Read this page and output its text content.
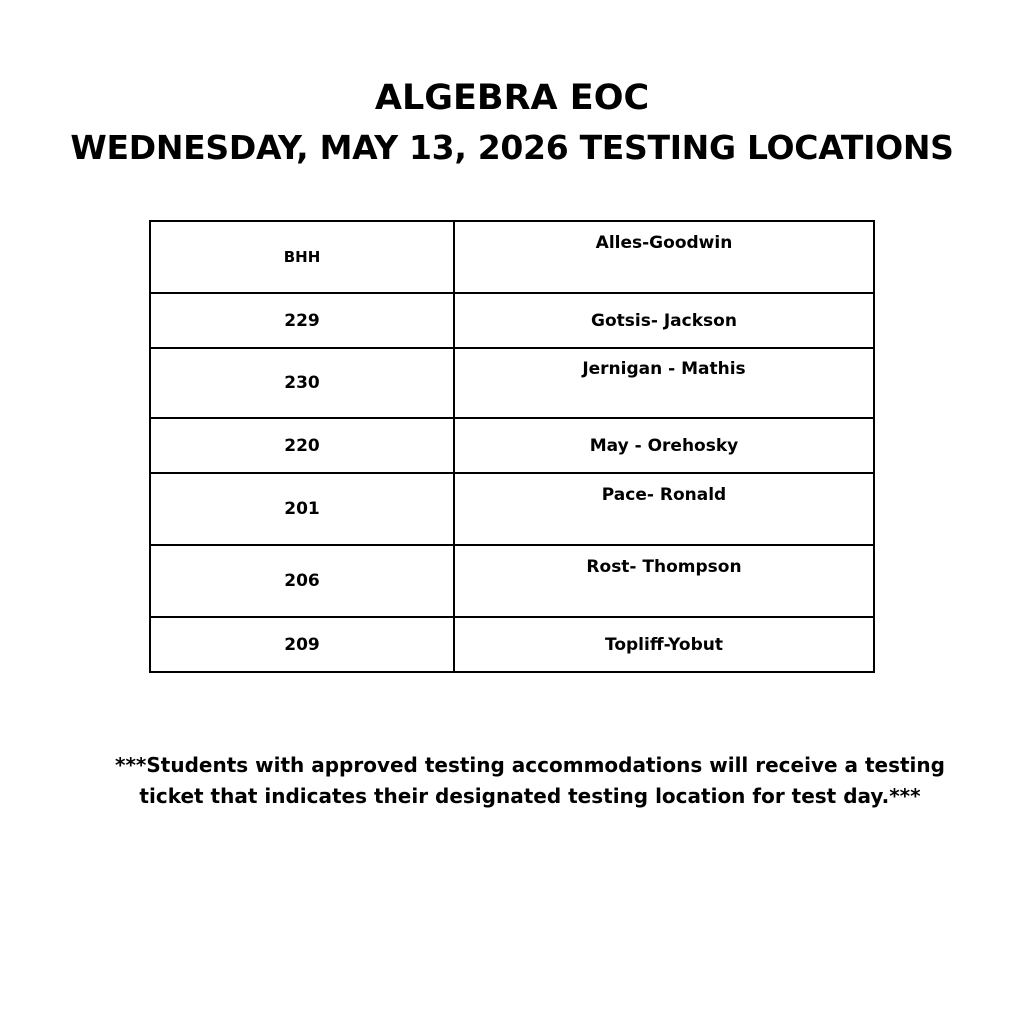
ALGEBRA EOC
WEDNESDAY, MAY 13, 2026 TESTING LOCATIONS
BHH	Alles-Goodwin

229	Gotsis- Jackson

230	Jernigan - Mathis

220	May - Orehosky

201	Pace- Ronald

206	Rost- Thompson

209	Topliff-Yobut

***Students with approved testing accommodations will receive a testing ticket that indicates their designated testing location for test day.***
